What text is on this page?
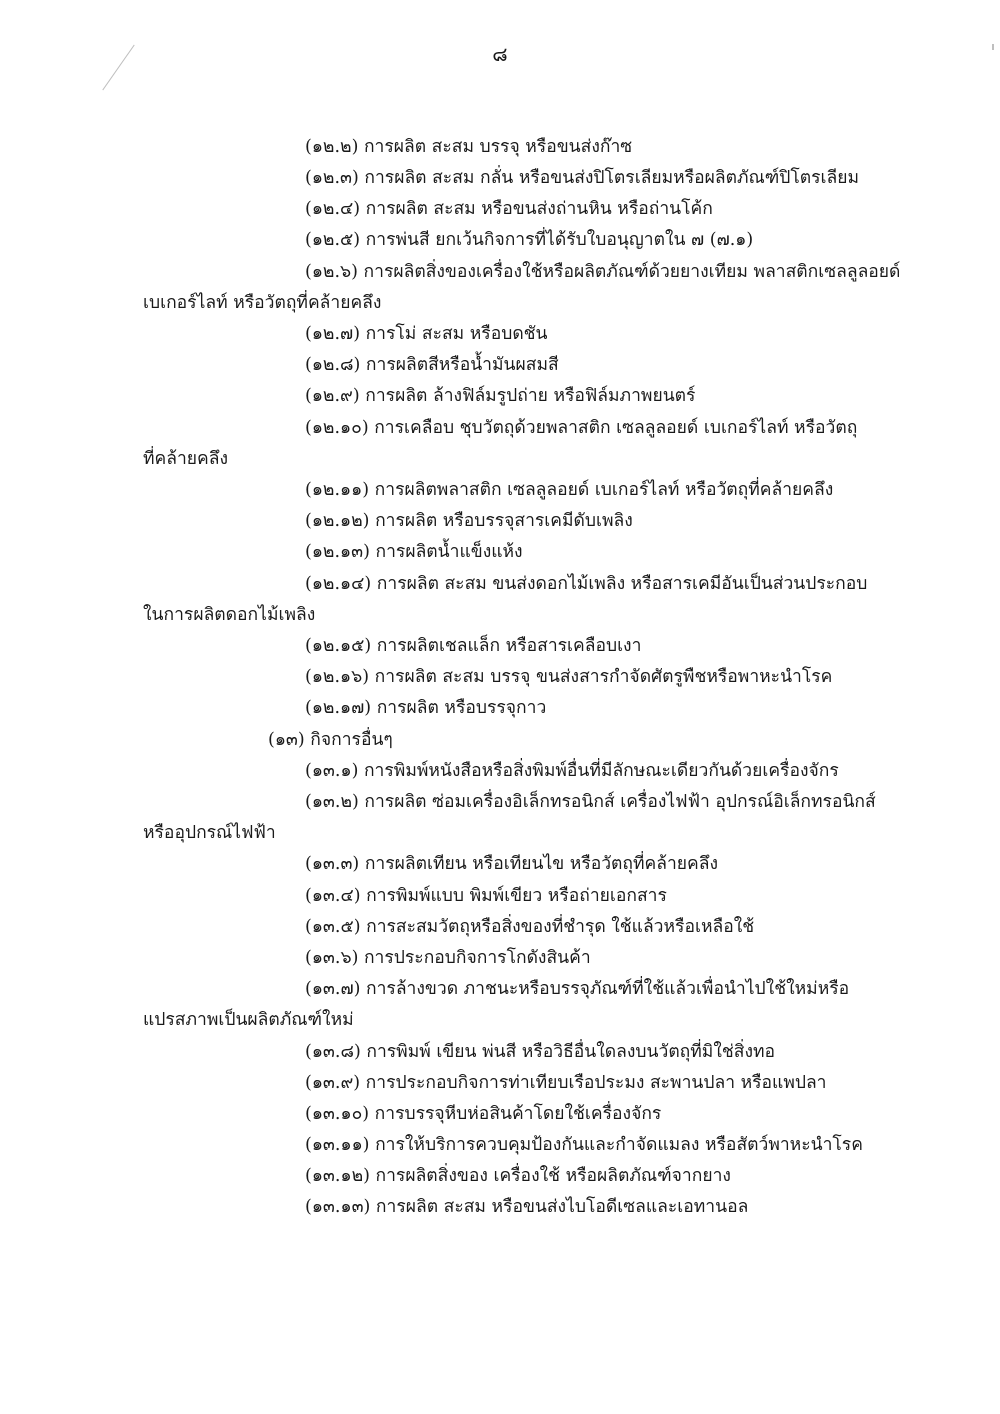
๘
(๑๒.๒) การผลิต สะสม บรรจุ หรือขนส่งก๊าซ
(๑๒.๓) การผลิต สะสม กลั่น หรือขนส่งปิโตรเลียมหรือผลิตภัณฑ์ปิโตรเลียม
(๑๒.๔) การผลิต สะสม หรือขนส่งถ่านหิน หรือถ่านโค้ก
(๑๒.๕) การพ่นสี ยกเว้นกิจการที่ได้รับใบอนุญาตใน ๗ (๗.๑)
(๑๒.๖) การผลิตสิ่งของเครื่องใช้หรือผลิตภัณฑ์ด้วยยางเทียม พลาสติกเซลลูลอยด์
เบเกอร์ไลท์ หรือวัตถุที่คล้ายคลึง
(๑๒.๗) การโม่ สะสม หรือบดชัน
(๑๒.๘) การผลิตสีหรือน้ำมันผสมสี
(๑๒.๙) การผลิต ล้างฟิล์มรูปถ่าย หรือฟิล์มภาพยนตร์
(๑๒.๑๐) การเคลือบ ชุบวัตถุด้วยพลาสติก เซลลูลอยด์ เบเกอร์ไลท์ หรือวัตถุ
ที่คล้ายคลึง
(๑๒.๑๑) การผลิตพลาสติก เซลลูลอยด์ เบเกอร์ไลท์ หรือวัตถุที่คล้ายคลึง
(๑๒.๑๒) การผลิต หรือบรรจุสารเคมีดับเพลิง
(๑๒.๑๓) การผลิตน้ำแข็งแห้ง
(๑๒.๑๔) การผลิต สะสม ขนส่งดอกไม้เพลิง หรือสารเคมีอันเป็นส่วนประกอบ
ในการผลิตดอกไม้เพลิง
(๑๒.๑๕) การผลิตเชลแล็ก หรือสารเคลือบเงา
(๑๒.๑๖) การผลิต สะสม บรรจุ ขนส่งสารกำจัดศัตรูพืชหรือพาหะนำโรค
(๑๒.๑๗) การผลิต หรือบรรจุกาว
(๑๓) กิจการอื่นๆ
(๑๓.๑) การพิมพ์หนังสือหรือสิ่งพิมพ์อื่นที่มีลักษณะเดียวกันด้วยเครื่องจักร
(๑๓.๒) การผลิต ซ่อมเครื่องอิเล็กทรอนิกส์ เครื่องไฟฟ้า อุปกรณ์อิเล็กทรอนิกส์
หรืออุปกรณ์ไฟฟ้า
(๑๓.๓) การผลิตเทียน หรือเทียนไข หรือวัตถุที่คล้ายคลึง
(๑๓.๔) การพิมพ์แบบ พิมพ์เขียว หรือถ่ายเอกสาร
(๑๓.๕) การสะสมวัตถุหรือสิ่งของที่ชำรุด ใช้แล้วหรือเหลือใช้
(๑๓.๖) การประกอบกิจการโกดังสินค้า
(๑๓.๗) การล้างขวด ภาชนะหรือบรรจุภัณฑ์ที่ใช้แล้วเพื่อนำไปใช้ใหม่หรือ
แปรสภาพเป็นผลิตภัณฑ์ใหม่
(๑๓.๘) การพิมพ์ เขียน พ่นสี หรือวิธีอื่นใดลงบนวัตถุที่มิใช่สิ่งทอ
(๑๓.๙) การประกอบกิจการท่าเทียบเรือประมง สะพานปลา หรือแพปลา
(๑๓.๑๐) การบรรจุหีบห่อสินค้าโดยใช้เครื่องจักร
(๑๓.๑๑) การให้บริการควบคุมป้องกันและกำจัดแมลง หรือสัตว์พาหะนำโรค
(๑๓.๑๒) การผลิตสิ่งของ เครื่องใช้ หรือผลิตภัณฑ์จากยาง
(๑๓.๑๓) การผลิต สะสม หรือขนส่งไบโอดีเซลและเอทานอล
